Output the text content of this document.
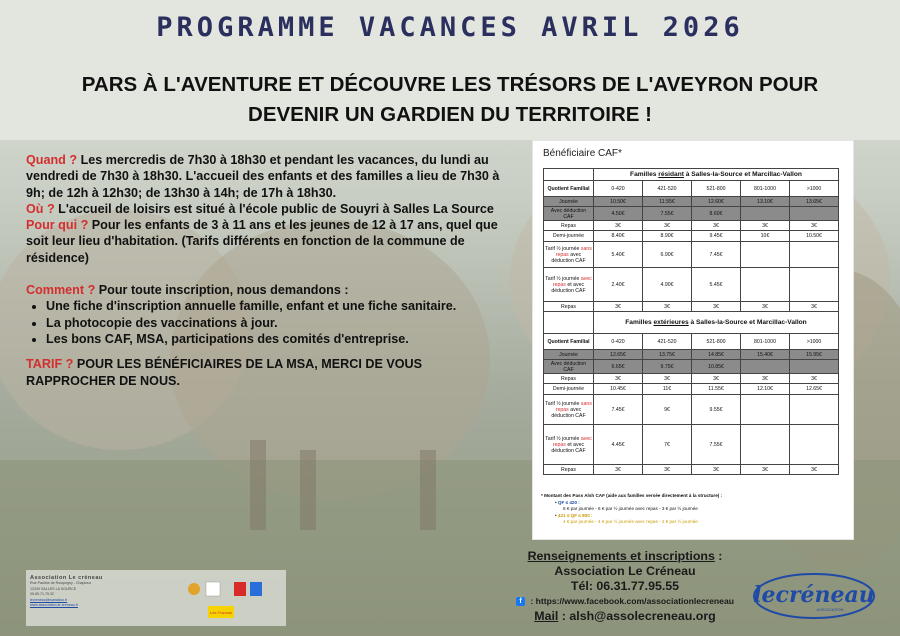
PROGRAMME VACANCES AVRIL 2026
PARS À L'AVENTURE ET DÉCOUVRE LES TRÉSORS DE L'AVEYRON POUR
DEVENIR UN GARDIEN DU TERRITOIRE !

Quand ? Les mercredis de 7h30 à 18h30 et pendant les vacances, du lundi au vendredi de 7h30 à 18h30. L'accueil des enfants et des familles a lieu de 7h30 à 9h; de 12h à 12h30; de 13h30 à 14h; de 17h à 18h30.

Où ? L'accueil de loisirs est situé à l'école public de Souyri à Salles La Source

Pour qui ? Pour les enfants de 3 à 11 ans et les jeunes de 12 à 17 ans, quel que soit leur lieu d'habitation. (Tarifs différents en fonction de la commune de résidence)

Comment ? Pour toute inscription, nous demandons :

• Une fiche d'inscription annuelle famille, enfant et une fiche sanitaire.
• La photocopie des vaccinations à jour.
• Les bons CAF, MSA, participations des comités d'entreprise.

TARIF ? POUR LES BÉNÉFICIAIRES DE LA MSA, MERCI DE VOUS RAPPROCHER DE NOUS.

Bénéficiaire CAF*
	Familles résidant à Salles-la-Source et Marcillac-Vallon				
Quotient Familial	0-420	421-520	521-800	801-1000	>1000
Journée	10.50€	11.55€	12.60€	13.10€	13.65€
Avec déduction CAF	4.50€	7.55€	8.60€		
Repas	3€	3€	3€	3€	3€
Demi-journée	8.40€	8.90€	9.45€	10€	10.50€
Tarif ½ journée sans repas avec déduction CAF	5.40€	6.90€	7.45€		
Tarif ½ journée avec repas et avec déduction CAF	2.40€	4.90€	5.45€		
Repas	3€	3€	3€	3€	3€
	Familles extérieures à Salles-la-Source et Marcillac-Vallon				
Quotient Familial	0-420	421-520	521-800	801-1000	>1000
Journée	12.65€	13.75€	14.85€	15.40€	15.95€
Avec déduction CAF	6.65€	9.75€	10.85€		
Repas	3€	3€	3€	3€	3€
Demi-journée	10.45€	11€	11.55€	12.10€	12.65€
Tarif ½ journée sans repas avec déduction CAF	7.45€	9€	9.55€		
Tarif ½ journée avec repas et avec déduction CAF	4.45€	7€	7.55€		
Repas	3€	3€	3€	3€	3€
* Montant des Pass Alsh CAF (aide aux familles versée directement à la structure) :
• QF ≤ 420 :
6 € par journée - 6 € par ½ journée avec repas - 3 € par ½ journée
• 421 ≤ QF ≤ 800 :
4 € par journée - 4 € par ½ journée avec repas - 2 € par ½ journée
Renseignements et inscriptions :
Association Le Créneau
Tél: 06.31.77.95.55
f : https://www.facebook.com/associationlecreneau
Mail : alsh@assolecreneau.org
Association Le créneau
Rue Pauline de Rouquigny - Chapioux
12330 SALLES LA SOURCE
05.65.71.75.32
lecreneau@wanadoo.fr
www.association-le-creneau.fr
Les Francas
lecréneau
ASSOCIATION
